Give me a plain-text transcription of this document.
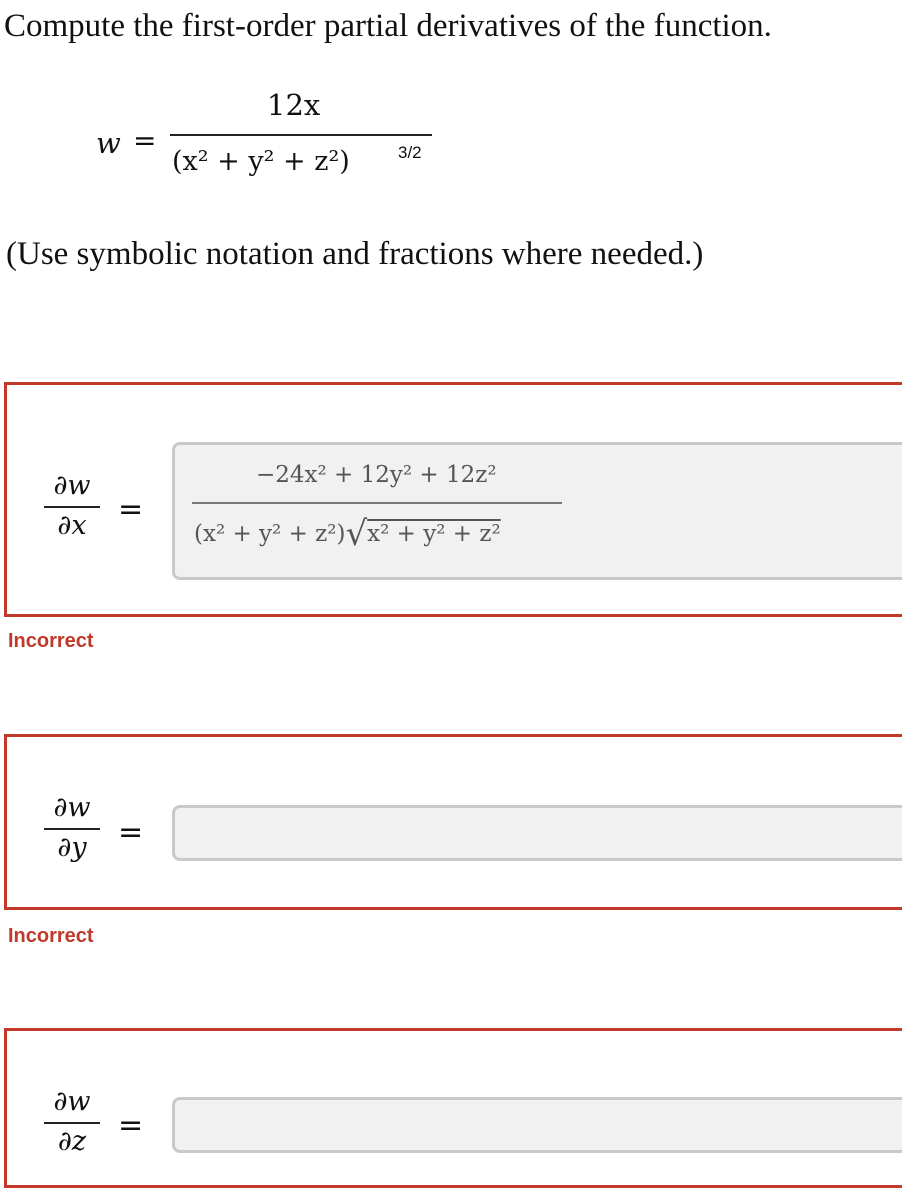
Compute the first-order partial derivatives of the function.

w =
12x
(x² + y² + z²)	3/2

(Use symbolic notation and fractions where needed.)

∂w
∂x	=
−24x² + 12y² + 12z²
(x² + y² + z²)√x² + y² + z²
Incorrect
∂w
∂y	=
Incorrect
∂w
∂z	=
